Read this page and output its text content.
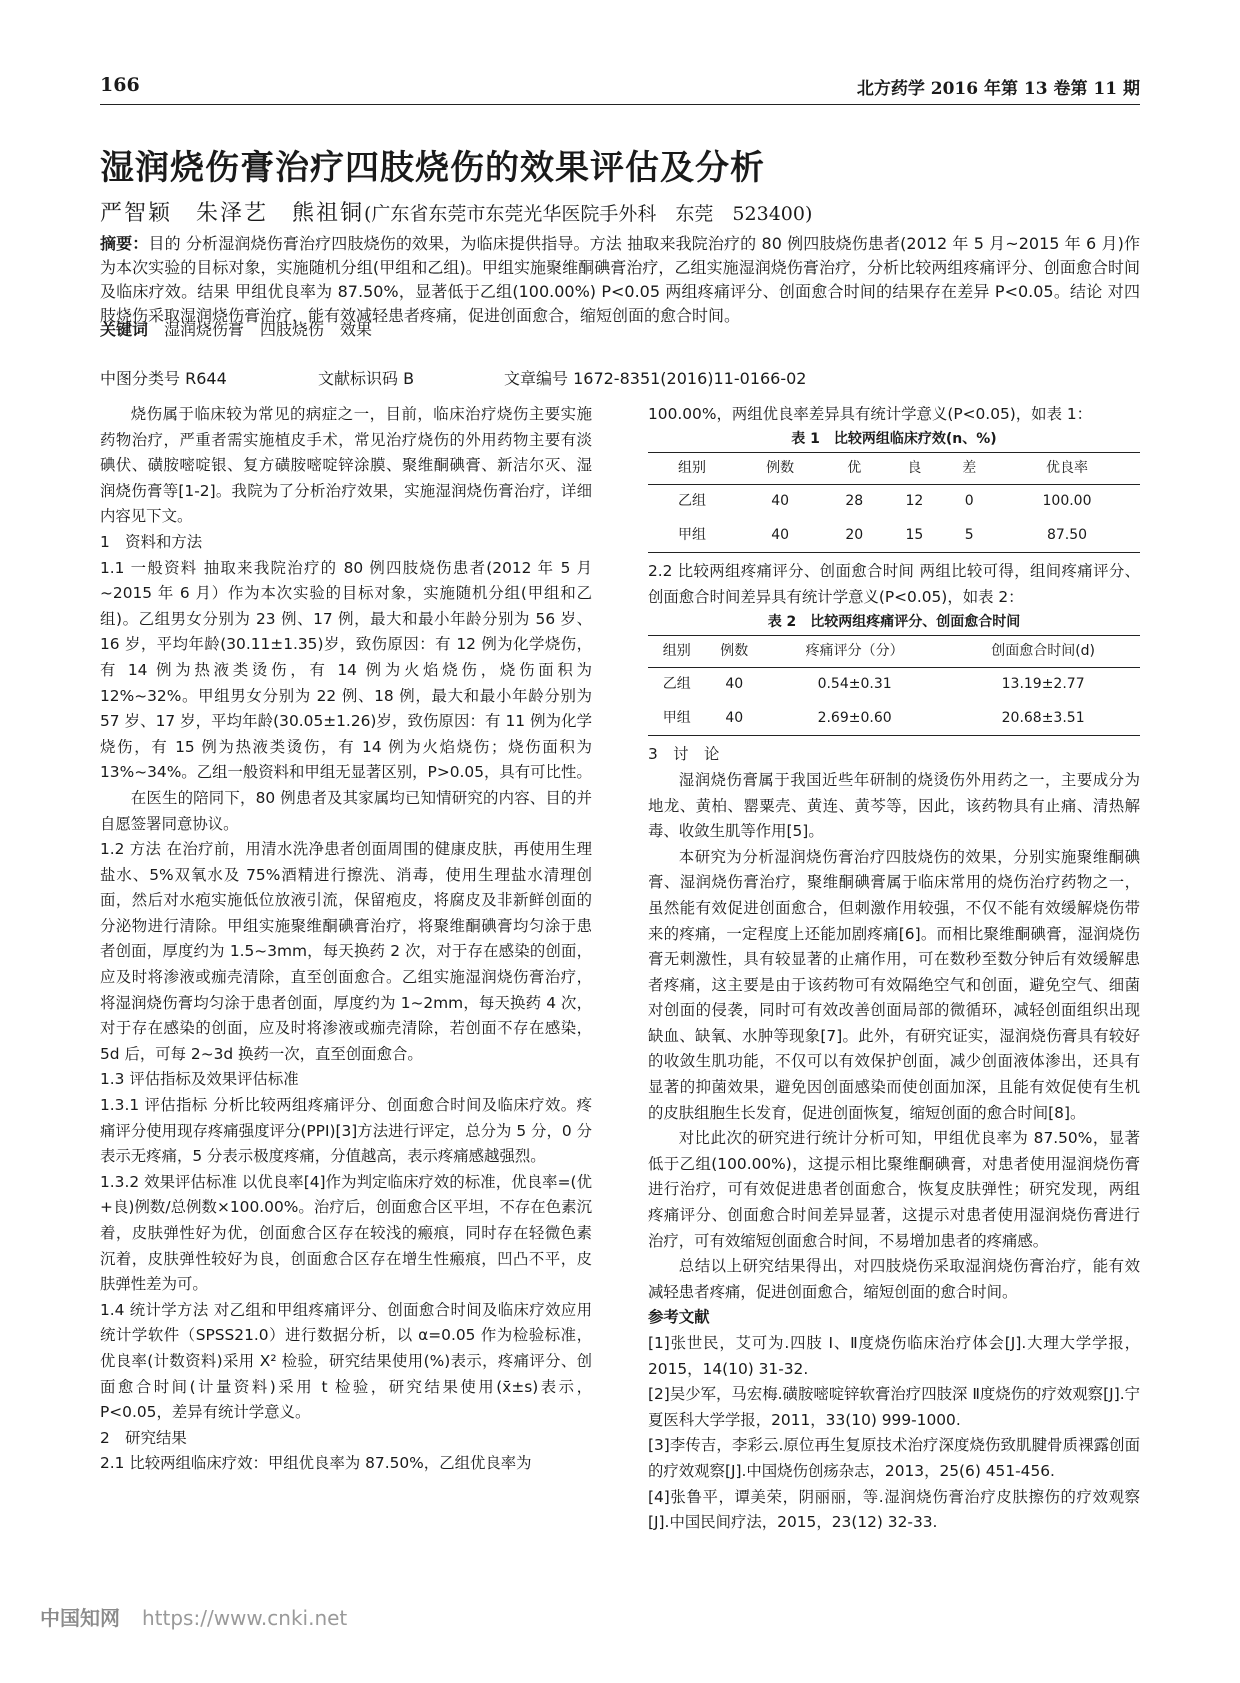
166	北方药学 2016 年第 13 卷第 11 期
湿润烧伤膏治疗四肢烧伤的效果评估及分析
严智颖　朱泽艺　熊祖铜(广东省东莞市东莞光华医院手外科　东莞　523400)
摘要：目的 分析湿润烧伤膏治疗四肢烧伤的效果，为临床提供指导。方法 抽取来我院治疗的 80 例四肢烧伤患者(2012 年 5 月~2015 年 6 月)作为本次实验的目标对象，实施随机分组(甲组和乙组)。甲组实施聚维酮碘膏治疗，乙组实施湿润烧伤膏治疗，分析比较两组疼痛评分、创面愈合时间及临床疗效。结果 甲组优良率为 87.50%，显著低于乙组(100.00%) P<0.05 两组疼痛评分、创面愈合时间的结果存在差异 P<0.05。结论 对四肢烧伤采取湿润烧伤膏治疗，能有效减轻患者疼痛，促进创面愈合，缩短创面的愈合时间。
关键词　 湿润烧伤膏　四肢烧伤　效果
中图分类号 R644	文献标识码 B	文章编号 1672-8351(2016)11-0166-02

烧伤属于临床较为常见的病症之一，目前，临床治疗烧伤主要实施药物治疗，严重者需实施植皮手术，常见治疗烧伤的外用药物主要有淡碘伏、磺胺嘧啶银、复方磺胺嘧啶锌涂膜、聚维酮碘膏、新洁尔灭、湿润烧伤膏等[1-2]。我院为了分析治疗效果，实施湿润烧伤膏治疗，详细内容见下文。

1　资料和方法

1.1 一般资料 抽取来我院治疗的 80 例四肢烧伤患者(2012 年 5 月~2015 年 6 月）作为本次实验的目标对象，实施随机分组(甲组和乙组)。乙组男女分别为 23 例、17 例，最大和最小年龄分别为 56 岁、16 岁，平均年龄(30.11±1.35)岁，致伤原因：有 12 例为化学烧伤，有 14 例为热液类烫伤，有 14 例为火焰烧伤，烧伤面积为 12%~32%。甲组男女分别为 22 例、18 例，最大和最小年龄分别为 57 岁、17 岁，平均年龄(30.05±1.26)岁，致伤原因：有 11 例为化学烧伤，有 15 例为热液类烫伤，有 14 例为火焰烧伤；烧伤面积为 13%~34%。乙组一般资料和甲组无显著区别，P>0.05，具有可比性。

在医生的陪同下，80 例患者及其家属均已知情研究的内容、目的并自愿签署同意协议。

1.2 方法 在治疗前，用清水洗净患者创面周围的健康皮肤，再使用生理盐水、5%双氧水及 75%酒精进行擦洗、消毒，使用生理盐水清理创面，然后对水疱实施低位放液引流，保留疱皮，将腐皮及非新鲜创面的分泌物进行清除。甲组实施聚维酮碘膏治疗，将聚维酮碘膏均匀涂于患者创面，厚度约为 1.5~3mm，每天换药 2 次，对于存在感染的创面，应及时将渗液或痂壳清除，直至创面愈合。乙组实施湿润烧伤膏治疗，将湿润烧伤膏均匀涂于患者创面，厚度约为 1~2mm，每天换药 4 次，对于存在感染的创面，应及时将渗液或痂壳清除，若创面不存在感染，5d 后，可每 2~3d 换药一次，直至创面愈合。

1.3 评估指标及效果评估标准

1.3.1 评估指标 分析比较两组疼痛评分、创面愈合时间及临床疗效。疼痛评分使用现存疼痛强度评分(PPI)[3]方法进行评定，总分为 5 分，0 分表示无疼痛，5 分表示极度疼痛，分值越高，表示疼痛感越强烈。

1.3.2 效果评估标准 以优良率[4]作为判定临床疗效的标准，优良率=(优+良)例数/总例数×100.00%。治疗后，创面愈合区平坦，不存在色素沉着，皮肤弹性好为优，创面愈合区存在较浅的瘢痕，同时存在轻微色素沉着，皮肤弹性较好为良，创面愈合区存在增生性瘢痕，凹凸不平，皮肤弹性差为可。

1.4 统计学方法 对乙组和甲组疼痛评分、创面愈合时间及临床疗效应用统计学软件（SPSS21.0）进行数据分析，以 α=0.05 作为检验标准，优良率(计数资料)采用 X² 检验，研究结果使用(%)表示，疼痛评分、创面愈合时间(计量资料)采用 t 检验，研究结果使用(x̄±s)表示，P<0.05，差异有统计学意义。

2　研究结果

2.1 比较两组临床疗效：甲组优良率为 87.50%，乙组优良率为

100.00%，两组优良率差异具有统计学意义(P<0.05)，如表 1：

表 1　比较两组临床疗效(n、%)

组别	例数	优	良	差	优良率
乙组	40	28	12	0	100.00
甲组	40	20	15	5	87.50

2.2 比较两组疼痛评分、创面愈合时间 两组比较可得，组间疼痛评分、创面愈合时间差异具有统计学意义(P<0.05)，如表 2：

表 2　比较两组疼痛评分、创面愈合时间

组别	例数	疼痛评分（分）	创面愈合时间(d)
乙组	40	0.54±0.31	13.19±2.77
甲组	40	2.69±0.60	20.68±3.51

3　讨　论

湿润烧伤膏属于我国近些年研制的烧烫伤外用药之一，主要成分为地龙、黄柏、罂粟壳、黄连、黄芩等，因此，该药物具有止痛、清热解毒、收敛生肌等作用[5]。

本研究为分析湿润烧伤膏治疗四肢烧伤的效果，分别实施聚维酮碘膏、湿润烧伤膏治疗，聚维酮碘膏属于临床常用的烧伤治疗药物之一，虽然能有效促进创面愈合，但刺激作用较强，不仅不能有效缓解烧伤带来的疼痛，一定程度上还能加剧疼痛[6]。而相比聚维酮碘膏，湿润烧伤膏无刺激性，具有较显著的止痛作用，可在数秒至数分钟后有效缓解患者疼痛，这主要是由于该药物可有效隔绝空气和创面，避免空气、细菌对创面的侵袭，同时可有效改善创面局部的微循环，减轻创面组织出现缺血、缺氧、水肿等现象[7]。此外，有研究证实，湿润烧伤膏具有较好的收敛生肌功能，不仅可以有效保护创面，减少创面液体渗出，还具有显著的抑菌效果，避免因创面感染而使创面加深，且能有效促使有生机的皮肤组胞生长发育，促进创面恢复，缩短创面的愈合时间[8]。

对比此次的研究进行统计分析可知，甲组优良率为 87.50%，显著低于乙组(100.00%)，这提示相比聚维酮碘膏，对患者使用湿润烧伤膏进行治疗，可有效促进患者创面愈合，恢复皮肤弹性；研究发现，两组疼痛评分、创面愈合时间差异显著，这提示对患者使用湿润烧伤膏进行治疗，可有效缩短创面愈合时间，不易增加患者的疼痛感。

总结以上研究结果得出，对四肢烧伤采取湿润烧伤膏治疗，能有效减轻患者疼痛，促进创面愈合，缩短创面的愈合时间。

参考文献

[1]张世民，艾可为.四肢 Ⅰ、Ⅱ度烧伤临床治疗体会[J].大理大学学报，2015，14(10) 31-32.

[2]吴少军，马宏梅.磺胺嘧啶锌软膏治疗四肢深 Ⅱ度烧伤的疗效观察[J].宁夏医科大学学报，2011，33(10) 999-1000.

[3]李传吉，李彩云.原位再生复原技术治疗深度烧伤致肌腱骨质裸露创面的疗效观察[J].中国烧伤创疡杂志，2013，25(6) 451-456.

[4]张鲁平，谭美荣，阴丽丽，等.湿润烧伤膏治疗皮肤擦伤的疗效观察[J].中国民间疗法，2015，23(12) 32-33.

中国知网 https://www.cnki.net
